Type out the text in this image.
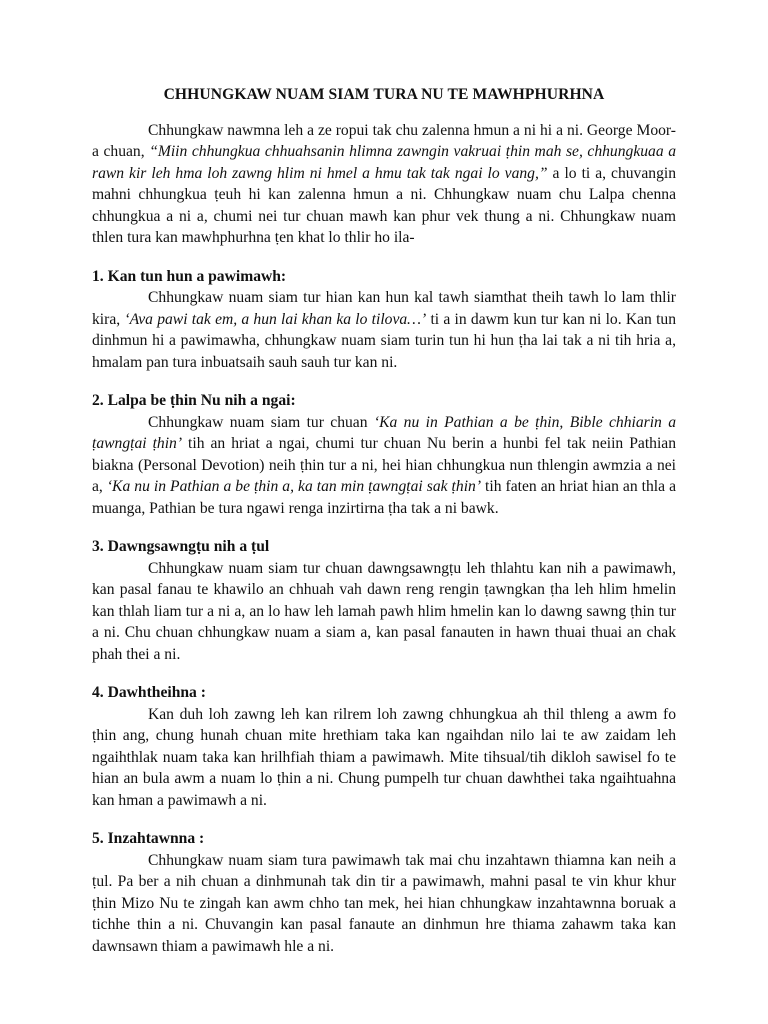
CHHUNGKAW NUAM SIAM TURA NU TE MAWHPHURHNA

Chhungkaw nawmna leh a ze ropui tak chu zalenna hmun a ni hi a ni. George Moor-a chuan, “Miin chhungkua chhuahsanin hlimna zawngin vakruai ṭhin mah se, chhungkuaa a rawn kir leh hma loh zawng hlim ni hmel a hmu tak tak ngai lo vang,” a lo ti a, chuvangin mahni chhungkua ṭeuh hi kan zalenna hmun a ni. Chhungkaw nuam chu Lalpa chenna chhungkua a ni a, chumi nei tur chuan mawh kan phur vek thung a ni. Chhungkaw nuam thlen tura kan mawhphurhna ṭen khat lo thlir ho ila-

1. Kan tun hun a pawimawh:

Chhungkaw nuam siam tur hian kan hun kal tawh siamthat theih tawh lo lam thlir kira, ‘Ava pawi tak em, a hun lai khan ka lo tilova…’ ti a in dawm kun tur kan ni lo. Kan tun dinhmun hi a pawimawha, chhungkaw nuam siam turin tun hi hun ṭha lai tak a ni tih hria a, hmalam pan tura inbuatsaih sauh sauh tur kan ni.

2. Lalpa be ṭhin Nu nih a ngai:

Chhungkaw nuam siam tur chuan ‘Ka nu in Pathian a be ṭhin, Bible chhiarin a ṭawngṭai ṭhin’ tih an hriat a ngai, chumi tur chuan Nu berin a hunbi fel tak neiin Pathian biakna (Personal Devotion) neih ṭhin tur a ni, hei hian chhungkua nun thlengin awmzia a nei a, ‘Ka nu in Pathian a be ṭhin a, ka tan min ṭawngṭai sak ṭhin’ tih faten an hriat hian an thla a muanga, Pathian be tura ngawi renga inzirtirna ṭha tak a ni bawk.

3. Dawngsawngṭu nih a ṭul

Chhungkaw nuam siam tur chuan dawngsawngṭu leh thlahtu kan nih a pawimawh, kan pasal fanau te khawilo an chhuah vah dawn reng rengin ṭawngkan ṭha leh hlim hmelin kan thlah liam tur a ni a, an lo haw leh lamah pawh hlim hmelin kan lo dawng sawng ṭhin tur a ni. Chu chuan chhungkaw nuam a siam a, kan pasal fanauten in hawn thuai thuai an chak phah thei a ni.

4. Dawhtheihna :

Kan duh loh zawng leh kan rilrem loh zawng chhungkua ah thil thleng a awm fo ṭhin ang, chung hunah chuan mite hrethiam taka kan ngaihdan nilo lai te aw zaidam leh ngaihthlak nuam taka kan hrilhfiah thiam a pawimawh. Mite tihsual/tih dikloh sawisel fo te hian an bula awm a nuam lo ṭhin a ni. Chung pumpelh tur chuan dawhthei taka ngaihtuahna kan hman a pawimawh a ni.

5. Inzahtawnna :

Chhungkaw nuam siam tura pawimawh tak mai chu inzahtawn thiamna kan neih a ṭul. Pa ber a nih chuan a dinhmunah tak din tir a pawimawh, mahni pasal te vin khur khur ṭhin Mizo Nu te zingah kan awm chho tan mek, hei hian chhungkaw inzahtawnna boruak a tichhe thin a ni. Chuvangin kan pasal fanaute an dinhmun hre thiama zahawm taka kan dawnsawn thiam a pawimawh hle a ni.
